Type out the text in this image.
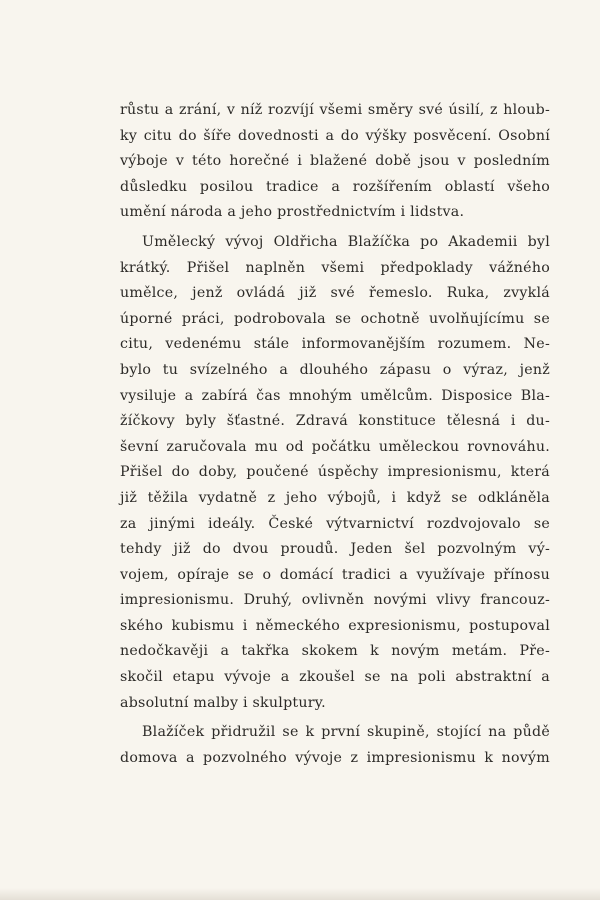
růstu a zrání, v níž rozvíjí všemi směry své úsilí, z hloub-
ky citu do šíře dovednosti a do výšky posvěcení. Osobní
výboje v této horečné i blažené době jsou v posledním
důsledku posilou tradice a rozšířením oblastí všeho
umění národa a jeho prostřednictvím i lidstva.
Umělecký vývoj Oldřicha Blažíčka po Akademii byl
krátký. Přišel naplněn všemi předpoklady vážného
umělce, jenž ovládá již své řemeslo. Ruka, zvyklá
úporné práci, podrobovala se ochotně uvolňujícímu se
citu, vedenému stále informovanějším rozumem. Ne-
bylo tu svízelného a dlouhého zápasu o výraz, jenž
vysiluje a zabírá čas mnohým umělcům. Disposice Bla-
žíčkovy byly šťastné. Zdravá konstituce tělesná i du-
ševní zaručovala mu od počátku uměleckou rovnováhu.
Přišel do doby, poučené úspěchy impresionismu, která
již těžila vydatně z jeho výbojů, i když se odkláněla
za jinými ideály. České výtvarnictví rozdvojovalo se
tehdy již do dvou proudů. Jeden šel pozvolným vý-
vojem, opíraje se o domácí tradici a využívaje přínosu
impresionismu. Druhý, ovlivněn novými vlivy francouz-
ského kubismu i německého expresionismu, postupoval
nedočkavěji a takřka skokem k novým metám. Pře-
skočil etapu vývoje a zkoušel se na poli abstraktní a
absolutní malby i skulptury.
Blažíček přidružil se k první skupině, stojící na půdě
domova a pozvolného vývoje z impresionismu k novým
